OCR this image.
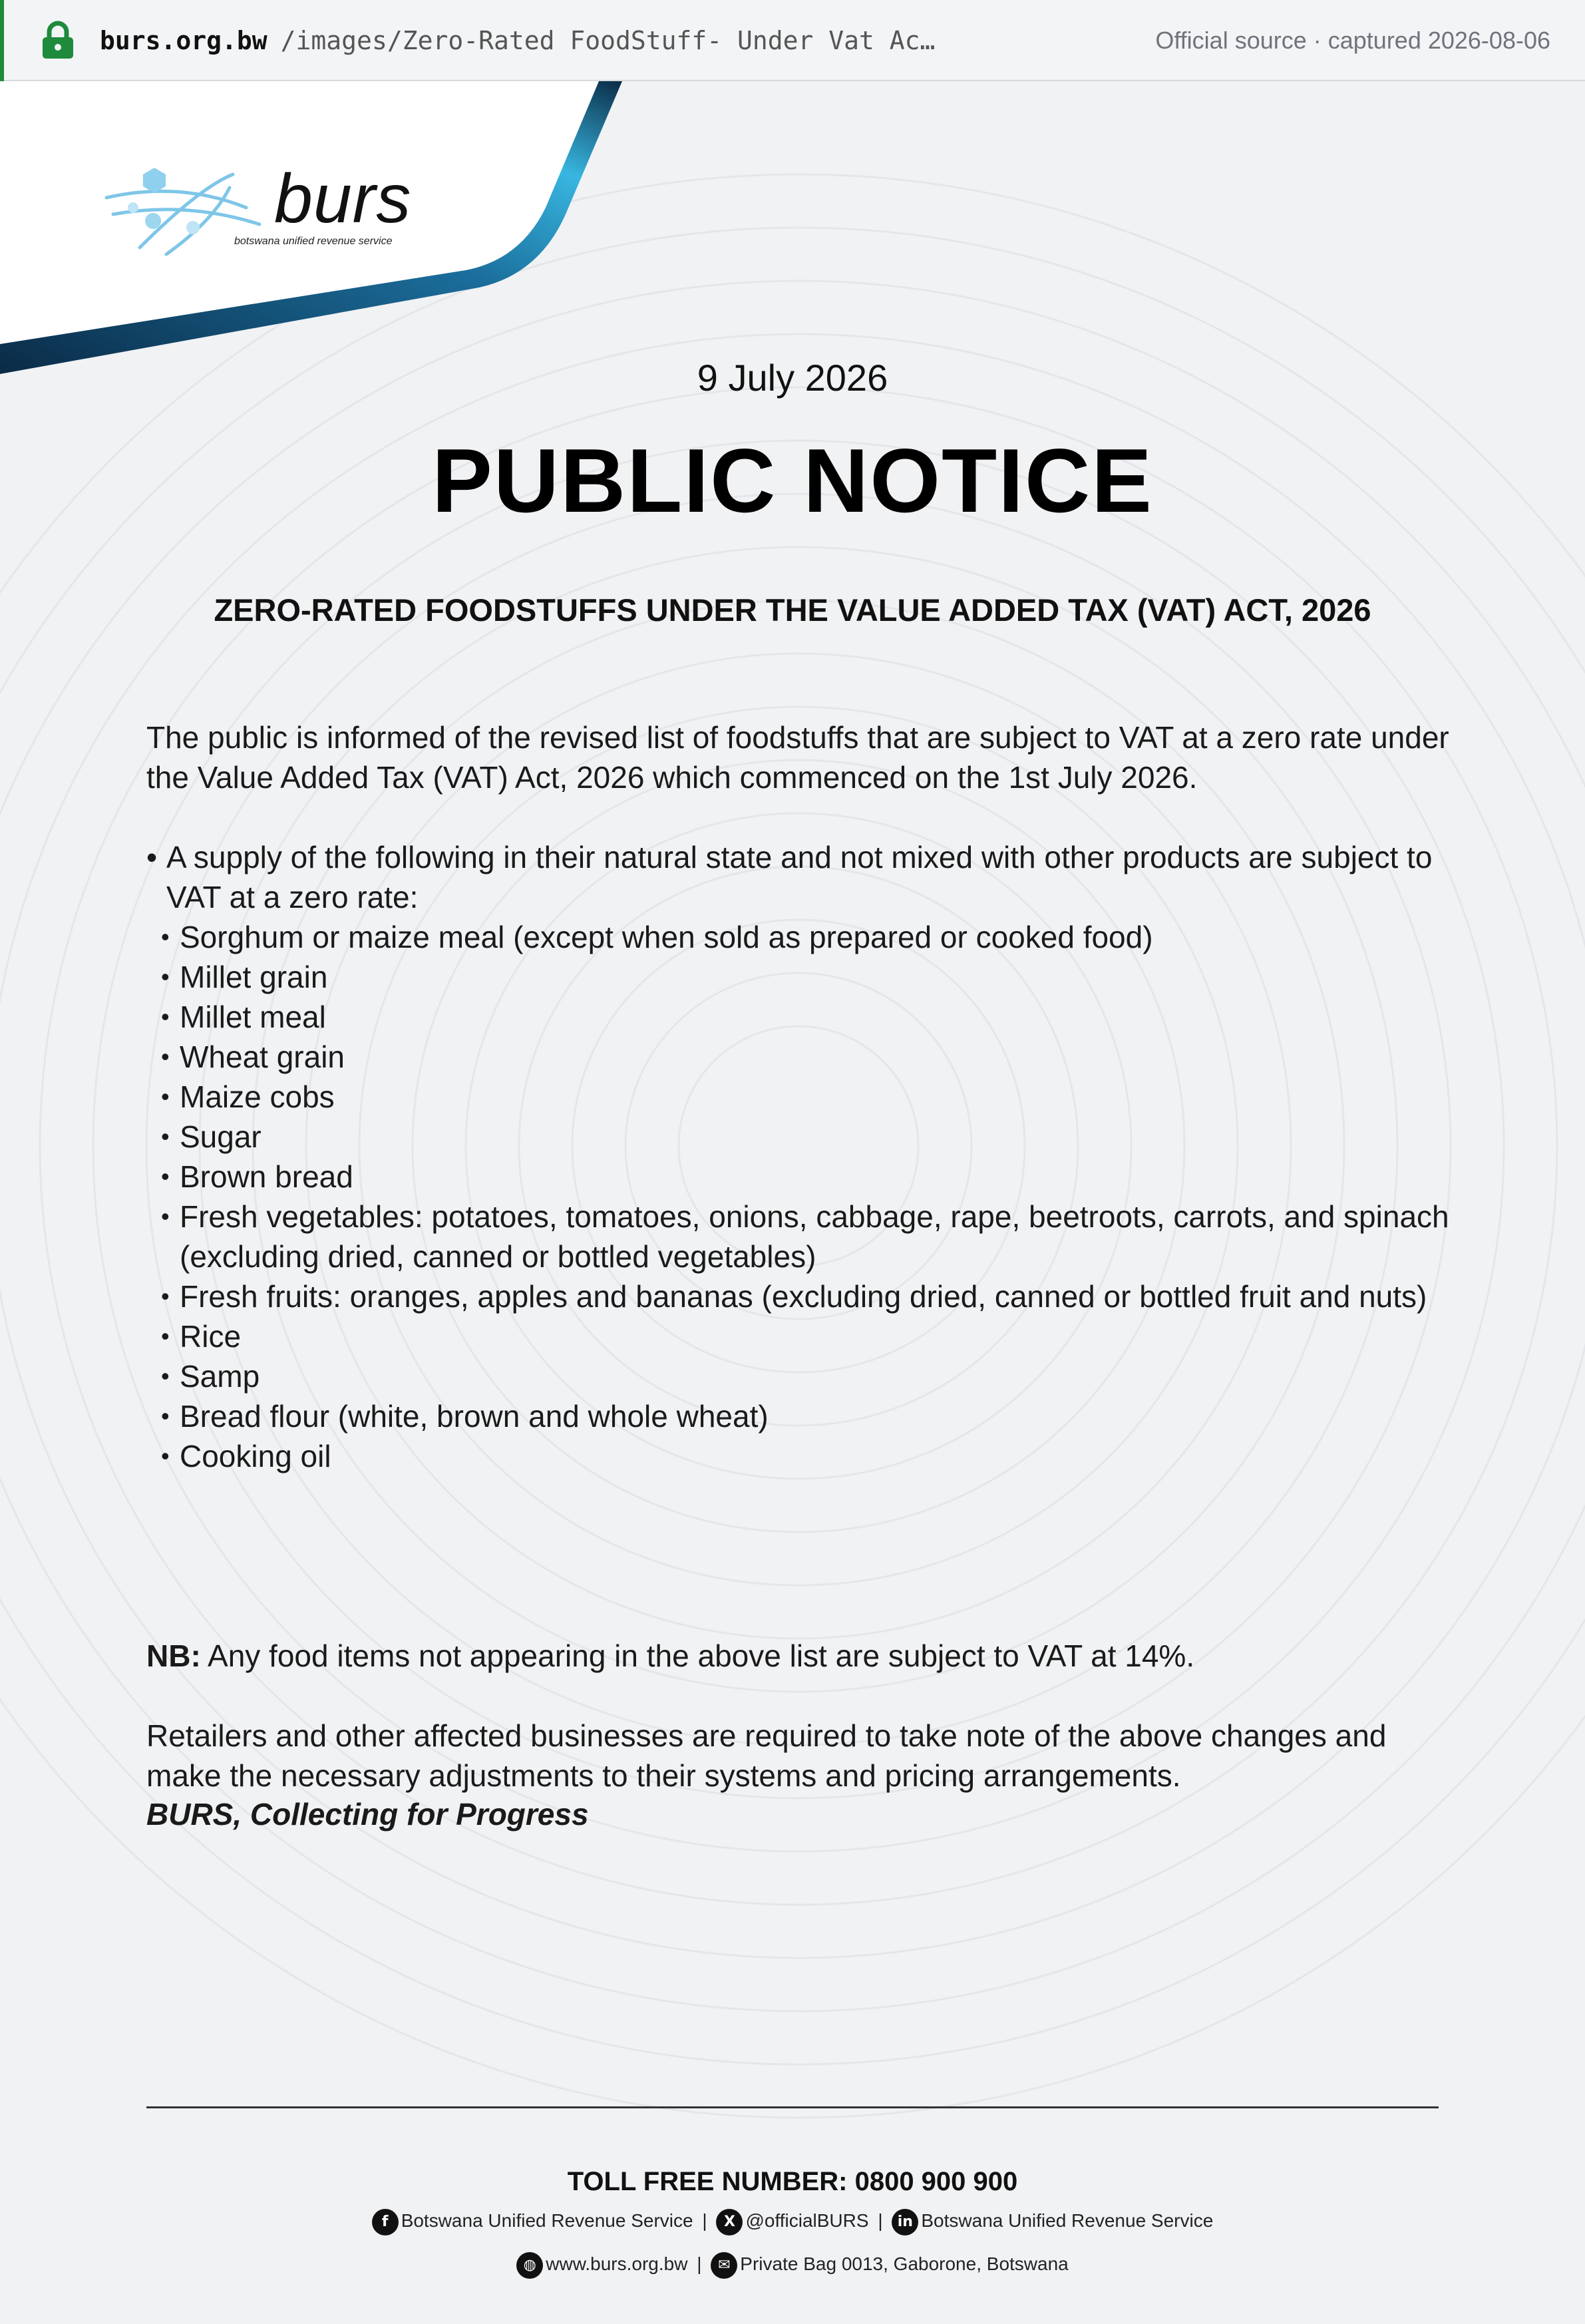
burs.org.bw /images/Zero-Rated FoodStuff- Under Vat Ac…	Official source · captured 2026-08-06
burs
botswana unified revenue service
9 July 2026
PUBLIC NOTICE
ZERO-RATED FOODSTUFFS UNDER THE VALUE ADDED TAX (VAT) ACT, 2026
The public is informed of the revised list of foodstuffs that are subject to VAT at a zero rate under the Value Added Tax (VAT) Act, 2026 which commenced on the 1st July 2026.
• A supply of the following in their natural state and not mixed with other products are subject to VAT at a zero rate:
• Sorghum or maize meal (except when sold as prepared or cooked food)
• Millet grain
• Millet meal
• Wheat grain
• Maize cobs
• Sugar
• Brown bread
• Fresh vegetables: potatoes, tomatoes, onions, cabbage, rape, beetroots, carrots, and spinach (excluding dried, canned or bottled vegetables)
• Fresh fruits: oranges, apples and bananas (excluding dried, canned or bottled fruit and nuts)
• Rice
• Samp
• Bread flour (white, brown and whole wheat)
• Cooking oil
NB: Any food items not appearing in the above list are subject to VAT at 14%.
Retailers and other affected businesses are required to take note of the above changes and make the necessary adjustments to their systems and pricing arrangements.
BURS, Collecting for Progress
TOLL FREE NUMBER: 0800 900 900
f Botswana Unified Revenue Service | X @officialBURS | in Botswana Unified Revenue Service
◍ www.burs.org.bw | ✉ Private Bag 0013, Gaborone, Botswana
